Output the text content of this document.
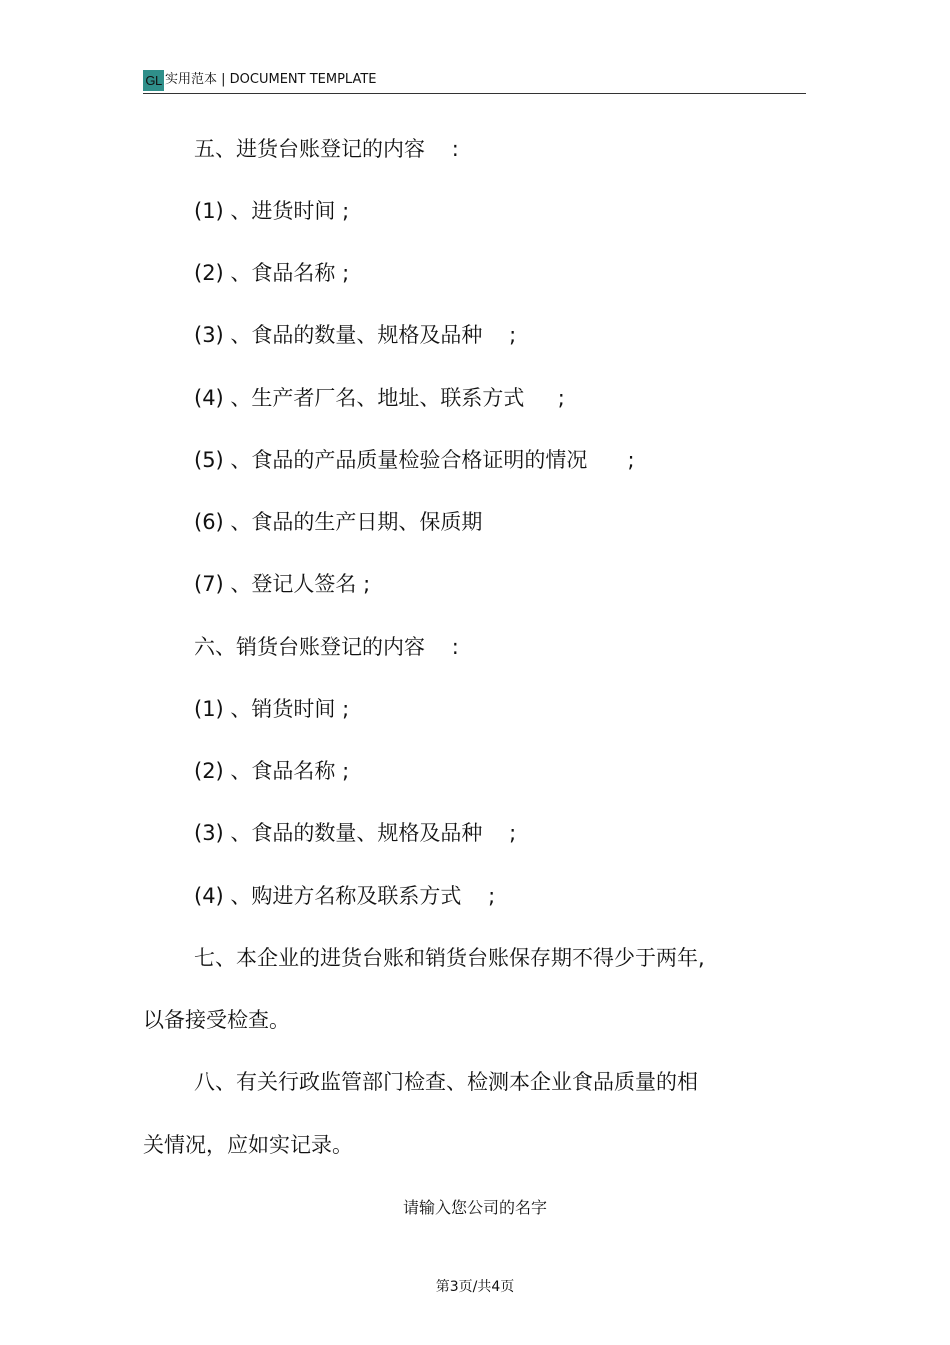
GL 实用范本 | DOCUMENT TEMPLATE
五、进货台账登记的内容    :
(1) 、进货时间 ;
(2) 、食品名称 ;
(3) 、食品的数量、规格及品种    ;
(4) 、生产者厂名、地址、联系方式     ;
(5) 、食品的产品质量检验合格证明的情况      ;
(6) 、食品的生产日期、保质期
(7) 、登记人签名 ;
六、销货台账登记的内容    :
(1) 、销货时间 ;
(2) 、食品名称 ;
(3) 、食品的数量、规格及品种    ;
(4) 、购进方名称及联系方式    ;
七、本企业的进货台账和销货台账保存期不得少于两年,
以备接受检查。
八、有关行政监管部门检查、检测本企业食品质量的相
关情况，应如实记录。
请输入您公司的名字
第3页/共4页
